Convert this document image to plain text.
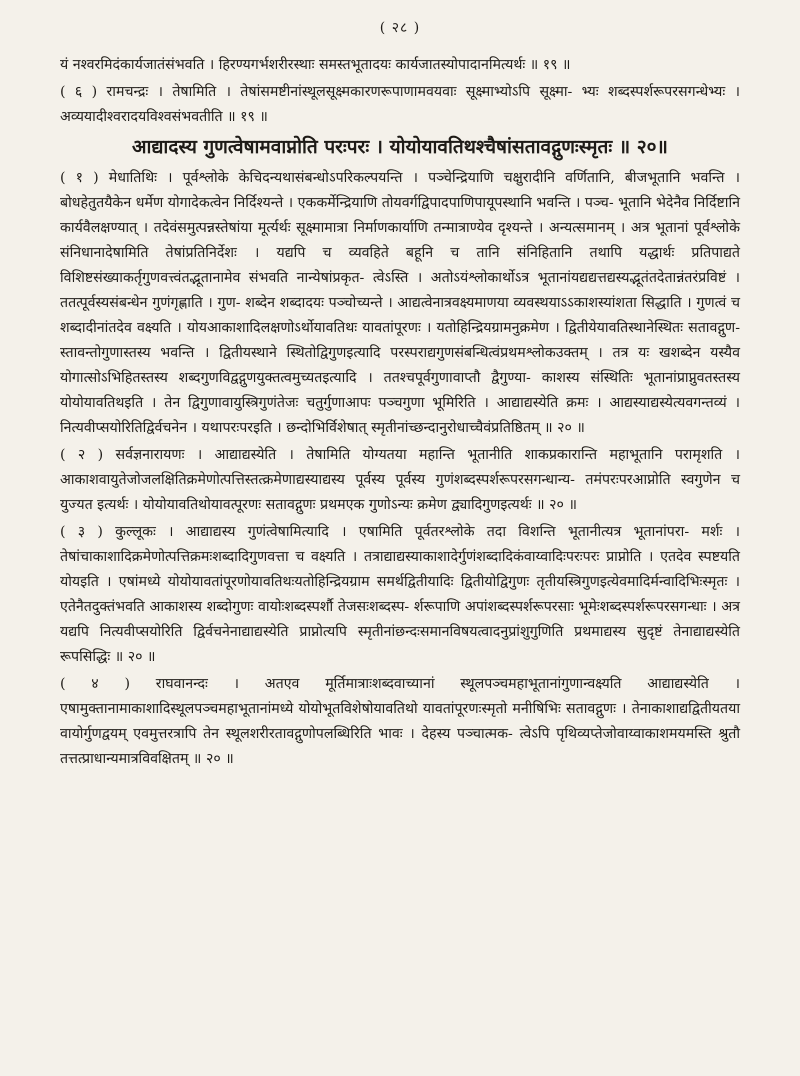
( २८ )

यं नश्वरमिदंकार्यजातंसंभवति । हिरण्यगर्भशरीरस्थाः समस्तभूतादयः कार्यजातस्योपादानमित्यर्थः ॥ १९ ॥

( ६ ) रामचन्द्रः । तेषामिति । तेषांसमष्टीनांस्थूलसूक्ष्मकारणरूपाणामवयवाः सूक्ष्माभ्योऽपि सूक्ष्मा- भ्यः शब्दस्पर्शरूपरसगन्धेभ्यः । अव्ययादीश्वरादयविश्वसंभवतीति ॥ १९ ॥

आद्यादस्य गुणत्वेषामवाप्नोति परःपरः । योयोयावतिथश्चैषांसतावद्गुणःस्मृतः ॥ २०॥

( १ ) मेधातिथिः । पूर्वश्लोके केचिदन्यथासंबन्धोऽपरिकल्पयन्ति । पञ्चेन्द्रियाणि चक्षुरादीनि वर्णितानि, बीजभूतानि भवन्ति । बोधहेतुतयैकेन धर्मेण योगादेकत्वेन निर्दिश्यन्ते । एककर्मेन्द्रियाणि तोयवर्गद्विपादपाणिपायूपस्थानि भवन्ति । पञ्च- भूतानि भेदेनैव निर्दिष्टानि कार्यवैलक्षण्यात् । तदेवंसमुत्पन्नस्तेषांया मूर्त्यर्थः सूक्ष्मामात्रा निर्माणकार्याणि तन्मात्राण्येव दृश्यन्ते । अन्यत्समानम् । अत्र भूतानां पूर्वश्लोके संनिधानादेषामिति तेषांप्रतिनिर्देशः । यद्यपि च व्यवहिते बहूनि च तानि संनिहितानि तथापि यद्धार्थः प्रतिपाद्यते विशिष्टसंख्याकर्तृगुणवत्त्वंतद्भूतानामेव संभवति नान्येषांप्रकृत- त्वेऽस्ति । अतोऽयंश्लोकार्थोऽत्र भूतानांयद्यद्यत्तद्यस्यद्भूतंतदेतान्नंतरंप्रविष्टं । ततत्पूर्वस्यसंबन्धेन गुणंगृह्णाति । गुण- शब्देन शब्दादयः पञ्चोच्यन्ते । आद्यत्वेनात्रवक्ष्यमाणया व्यवस्थयाऽऽकाशस्यांशता सिद्धाति । गुणत्वं च शब्दादीनांतदेव वक्ष्यति । योयआकाशादिलक्षणोऽर्थोयावतिथः यावतांपूरणः । यतोहिन्द्रियग्रामनुक्रमेण । द्वितीयेयावतिस्थानेस्थितः सतावद्गुण- स्तावन्तोगुणास्तस्य भवन्ति । द्वितीयस्थाने स्थितोद्विगुणइत्यादि परस्पराद्यगुणसंबन्धित्वंप्रथमश्लोकउक्तम् । तत्र यः खशब्देन यस्यैव योगात्सोऽभिहितस्तस्य शब्दगुणविद्वद्गुणयुक्तत्वमुच्यतइत्यादि । ततश्चपूर्वगुणावाप्तौ द्वैगुण्या- काशस्य संस्थितिः भूतानांप्राप्नुवतस्तस्य योयोयावतिथइति । तेन द्विगुणावायुस्त्रिगुणंतेजः चतुर्गुणाआपः पञ्चगुणा भूमिरिति । आद्याद्यस्येति क्रमः । आद्यस्याद्यस्येत्यवगन्तव्यं । नित्यवीप्सयोरितिद्विर्वचनेन । यथापरःपरइति । छन्दोभिर्विशेषात् स्मृतीनांच्छन्दानुरोधाच्चैवंप्रतिष्ठितम् ॥ २० ॥

( २ ) सर्वज्ञनारायणः । आद्याद्यस्येति । तेषामिति योग्यतया महान्ति भूतानीति शाकप्रकारान्ति महाभूतानि परामृशति । आकाशवायुतेजोजलक्षितिक्रमेणोत्पत्तिस्तत्क्रमेणाद्यस्याद्यस्य पूर्वस्य पूर्वस्य गुणंशब्दस्पर्शरूपरसगन्धान्य- तमंपरःपरआप्नोति स्वगुणेन च युज्यत इत्यर्थः । योयोयावतिथोयावत्पूरणः सतावद्गुणः प्रथमएक गुणोऽन्यः क्रमेण द्व्यादिगुणइत्यर्थः ॥ २० ॥

( ३ ) कुल्लूकः । आद्याद्यस्य गुणंत्वेषामित्यादि । एषामिति पूर्वतरश्लोके तदा विशन्ति भूतानीत्यत्र भूतानांपरा- मर्शः । तेषांचाकाशादिक्रमेणोत्पत्तिक्रमःशब्दादिगुणवत्ता च वक्ष्यति । तत्राद्याद्यस्याकाशादेर्गुणंशब्दादिकंवाय्वादिःपरःपरः प्राप्नोति । एतदेव स्पष्टयति योयइति । एषांमध्ये योयोयावतांपूरणोयावतिथःयतोहिन्द्रियग्राम समर्थद्वितीयादिः द्वितीयोद्विगुणः तृतीयस्त्रिगुणइत्येवमादिर्मन्वादिभिःस्मृतः । एतेनैतदुक्तंभवति आकाशस्य शब्दोगुणः वायोःशब्दस्पर्शौ तेजसःशब्दस्प- र्शरूपाणि अपांशब्दस्पर्शरूपरसाः भूमेःशब्दस्पर्शरूपरसगन्धाः । अत्र यद्यपि नित्यवीप्सयोरिति द्विर्वचनेनाद्याद्यस्येति प्राप्नोत्यपि स्मृतीनांछन्दःसमानविषयत्वादनुप्रांशुगुणिति प्रथमाद्यस्य सुदृष्टं तेनाद्याद्यस्येति रूपसिद्धिः ॥ २० ॥

( ४ ) राघवानन्दः । अतएव मूर्तिमात्राःशब्दवाच्यानां स्थूलपञ्चमहाभूतानांगुणान्वक्ष्यति आद्याद्यस्येति । एषामुक्तानामाकाशादिस्थूलपञ्चमहाभूतानांमध्ये योयोभूतविशेषोयावतिथो यावतांपूरणःस्मृतो मनीषिभिः सतावद्गुणः । तेनाकाशाद्यद्वितीयतया वायोर्गुणद्वयम् एवमुत्तरत्रापि तेन स्थूलशरीरतावद्गुणोपलब्धिरिति भावः । देहस्य पञ्चात्मक- त्वेऽपि पृथिव्यप्तेजोवाय्वाकाशमयमस्ति श्रुतौ तत्तत्प्राधान्यमात्रविवक्षितम् ॥ २० ॥
